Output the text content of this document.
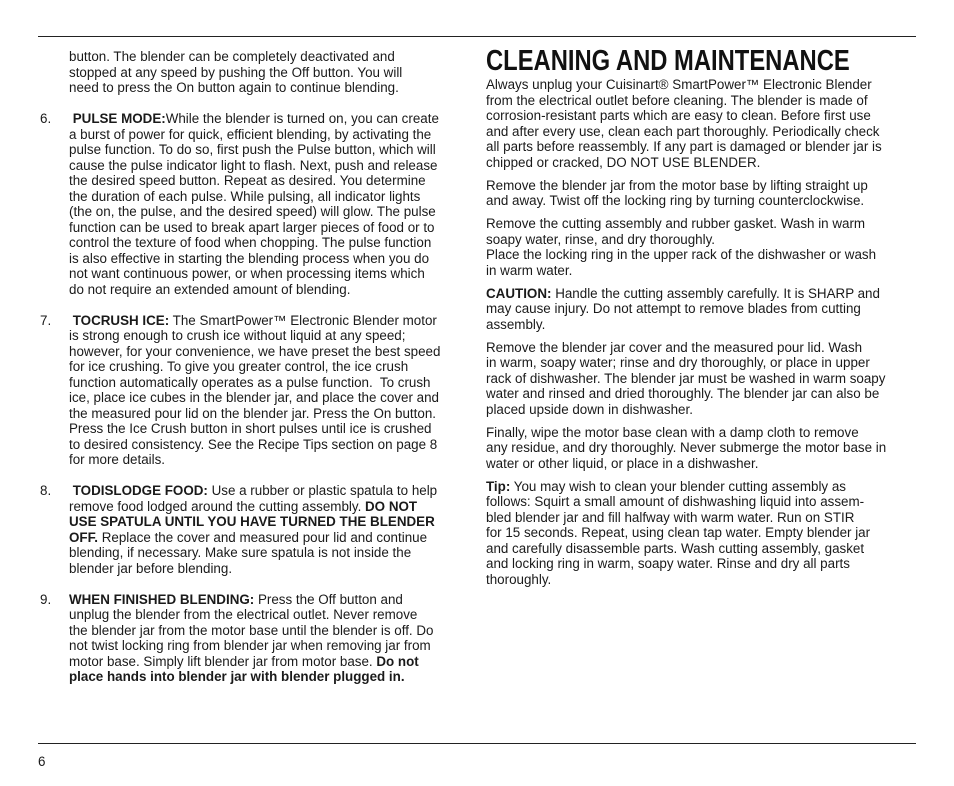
button. The blender can be completely deactivated and
stopped at any speed by pushing the Off button. You will
need to press the On button again to continue blending.
6. PULSE MODE:While the blender is turned on, you can create
a burst of power for quick, efficient blending, by activating the
pulse function. To do so, first push the Pulse button, which will
cause the pulse indicator light to flash. Next, push and release
the desired speed button. Repeat as desired. You determine
the duration of each pulse. While pulsing, all indicator lights
(the on, the pulse, and the desired speed) will glow. The pulse
function can be used to break apart larger pieces of food or to
control the texture of food when chopping. The pulse function
is also effective in starting the blending process when you do
not want continuous power, or when processing items which
do not require an extended amount of blending.
7. TOCRUSH ICE: The SmartPower™ Electronic Blender motor
is strong enough to crush ice without liquid at any speed;
however, for your convenience, we have preset the best speed
for ice crushing. To give you greater control, the ice crush
function automatically operates as a pulse function.  To crush
ice, place ice cubes in the blender jar, and place the cover and
the measured pour lid on the blender jar. Press the On button.
Press the Ice Crush button in short pulses until ice is crushed
to desired consistency. See the Recipe Tips section on page 8
for more details.
8. TODISLODGE FOOD: Use a rubber or plastic spatula to help
remove food lodged around the cutting assembly. DO NOT
USE SPATULA UNTIL YOU HAVE TURNED THE BLENDER
OFF. Replace the cover and measured pour lid and continue
blending, if necessary. Make sure spatula is not inside the
blender jar before blending.
9. WHEN FINISHED BLENDING: Press the Off button and
unplug the blender from the electrical outlet. Never remove
the blender jar from the motor base until the blender is off. Do
not twist locking ring from blender jar when removing jar from
motor base. Simply lift blender jar from motor base. Do not
place hands into blender jar with blender plugged in.
CLEANING AND MAINTENANCE
Always unplug your Cuisinart® SmartPower™ Electronic Blender
from the electrical outlet before cleaning. The blender is made of
corrosion-resistant parts which are easy to clean. Before first use
and after every use, clean each part thoroughly. Periodically check
all parts before reassembly. If any part is damaged or blender jar is
chipped or cracked, DO NOT USE BLENDER.
Remove the blender jar from the motor base by lifting straight up
and away. Twist off the locking ring by turning counterclockwise.
Remove the cutting assembly and rubber gasket. Wash in warm
soapy water, rinse, and dry thoroughly.
Place the locking ring in the upper rack of the dishwasher or wash
in warm water.
CAUTION: Handle the cutting assembly carefully. It is SHARP and
may cause injury. Do not attempt to remove blades from cutting
assembly.
Remove the blender jar cover and the measured pour lid. Wash
in warm, soapy water; rinse and dry thoroughly, or place in upper
rack of dishwasher. The blender jar must be washed in warm soapy
water and rinsed and dried thoroughly. The blender jar can also be
placed upside down in dishwasher.
Finally, wipe the motor base clean with a damp cloth to remove
any residue, and dry thoroughly. Never submerge the motor base in
water or other liquid, or place in a dishwasher.
Tip: You may wish to clean your blender cutting assembly as
follows: Squirt a small amount of dishwashing liquid into assem-
bled blender jar and fill halfway with warm water. Run on STIR
for 15 seconds. Repeat, using clean tap water. Empty blender jar
and carefully disassemble parts. Wash cutting assembly, gasket
and locking ring in warm, soapy water. Rinse and dry all parts
thoroughly.
6
